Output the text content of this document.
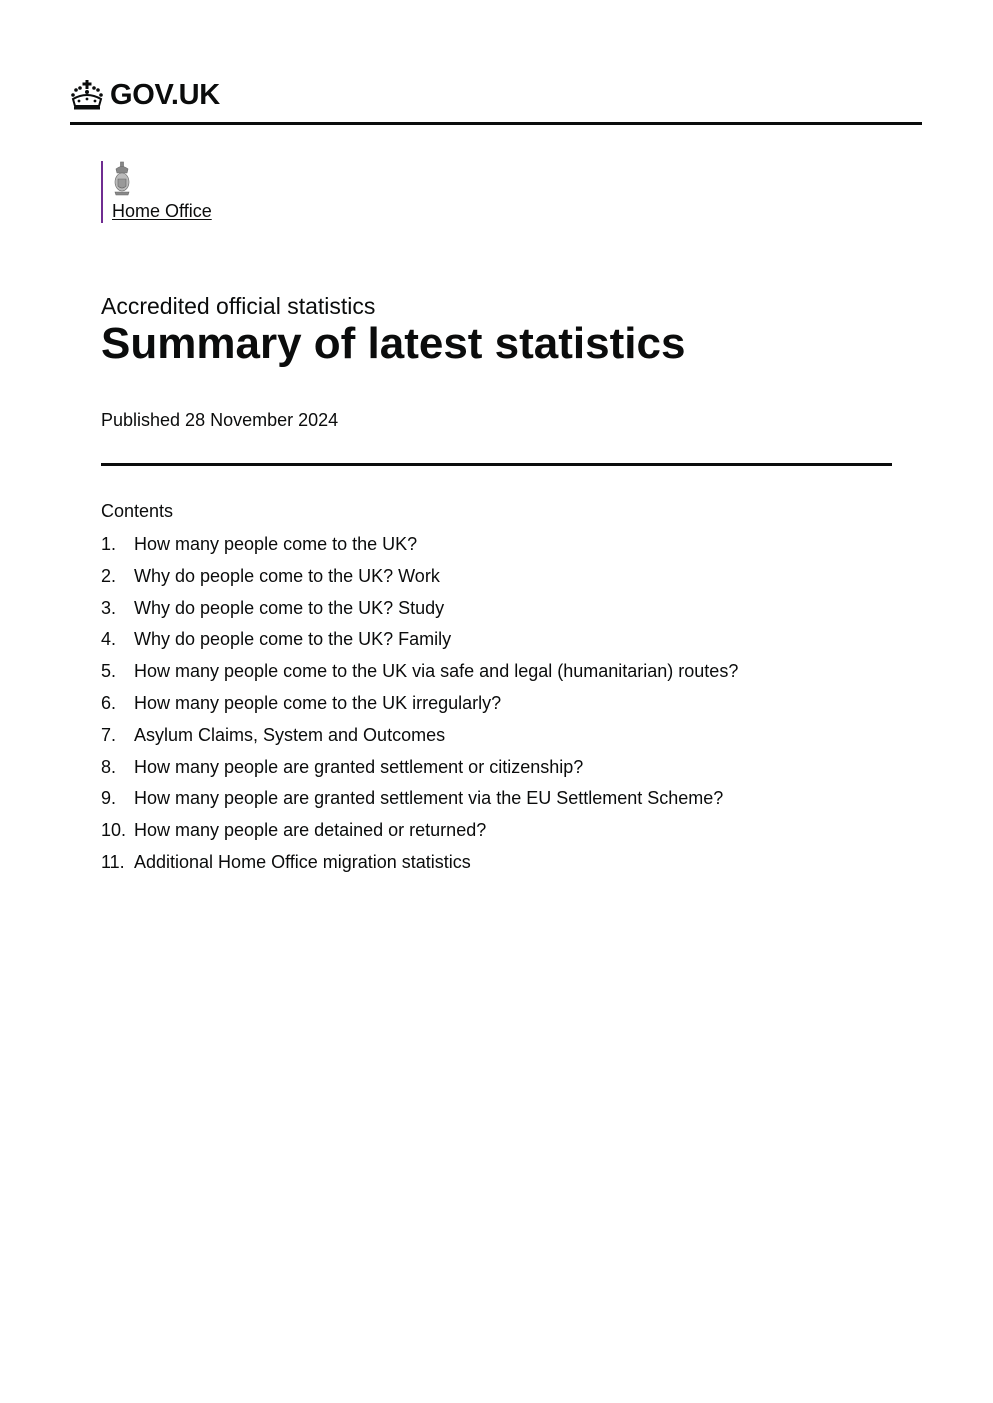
GOV.UK
Home Office
Accredited official statistics
Summary of latest statistics
Published 28 November 2024
Contents
1. How many people come to the UK?
2. Why do people come to the UK? Work
3. Why do people come to the UK? Study
4. Why do people come to the UK? Family
5. How many people come to the UK via safe and legal (humanitarian) routes?
6. How many people come to the UK irregularly?
7. Asylum Claims, System and Outcomes
8. How many people are granted settlement or citizenship?
9. How many people are granted settlement via the EU Settlement Scheme?
10. How many people are detained or returned?
11. Additional Home Office migration statistics
